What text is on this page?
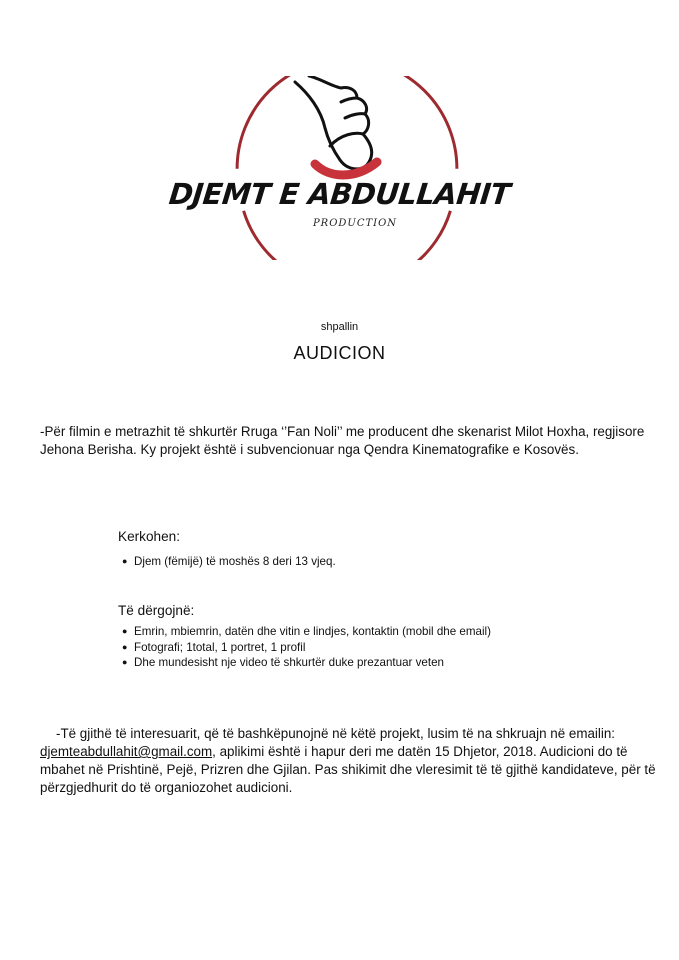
DJEMT E ABDULLAHIT
PRODUCTION
shpallin
AUDICION

-Për filmin e metrazhit të shkurtër Rruga ‘’Fan Noli’’ me producent dhe skenarist Milot Hoxha, regjisore Jehona Berisha. Ky projekt është i subvencionuar nga Qendra Kinematografike e Kosovës.

Kerkohen:
● Djem (fëmijë) të moshës 8 deri 13 vjeq.
Të dërgojnë:
● Emrin, mbiemrin, datën dhe vitin e lindjes, kontaktin (mobil dhe email)
● Fotografi; 1total, 1 portret, 1 profil
● Dhe mundesisht nje video të shkurtër duke prezantuar veten

-Të gjithë të interesuarit, që të bashkëpunojnë në këtë projekt, lusim të na shkruajn në emailin: djemteabdullahit@gmail.com, aplikimi është i hapur deri me datën 15 Dhjetor, 2018. Audicioni do të mbahet në Prishtinë, Pejë, Prizren dhe Gjilan. Pas shikimit dhe vleresimit të të gjithë kandidateve, për të përzgjedhurit do të organiozohet audicioni.
